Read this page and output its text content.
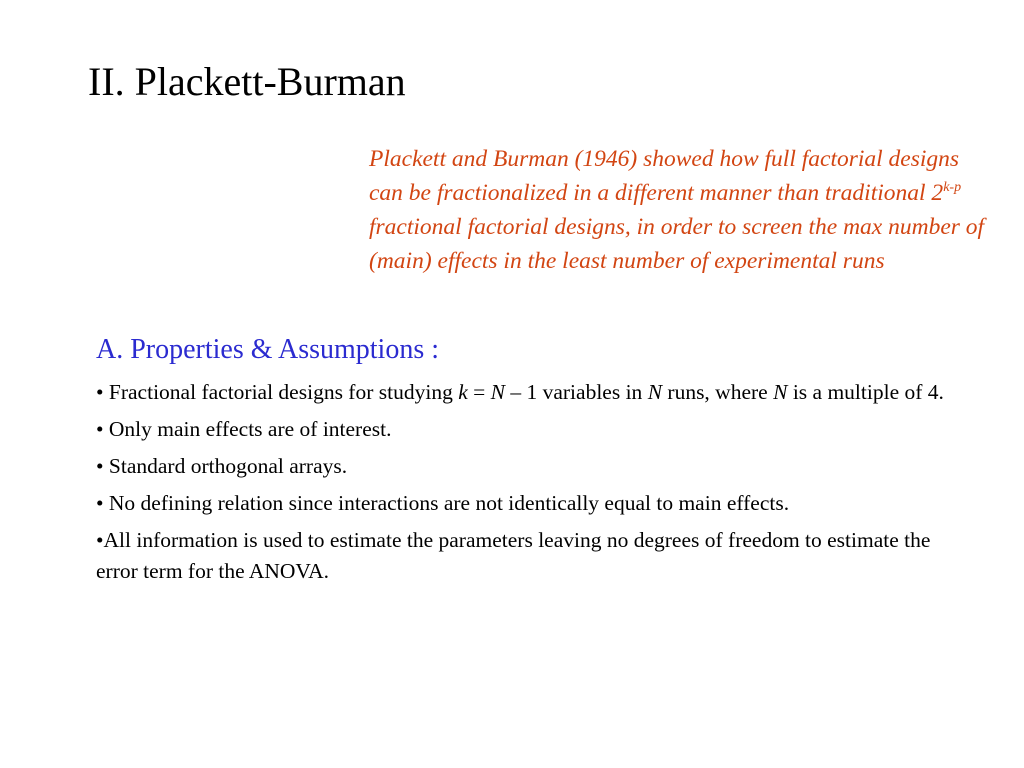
II. Plackett-Burman
Plackett and Burman (1946) showed how full factorial designs can be fractionalized in a different manner than traditional 2$^{k-p}$ fractional factorial designs, in order to screen the max number of (main) effects in the least number of experimental runs
A. Properties & Assumptions :
• Fractional factorial designs for studying k = N – 1 variables in N runs, where N is a multiple of 4.
• Only main effects are of interest.
• Standard orthogonal arrays.
• No defining relation since interactions are not identically equal to main effects.
•All information is used to estimate the parameters leaving no degrees of freedom to estimate the error term for the ANOVA.
